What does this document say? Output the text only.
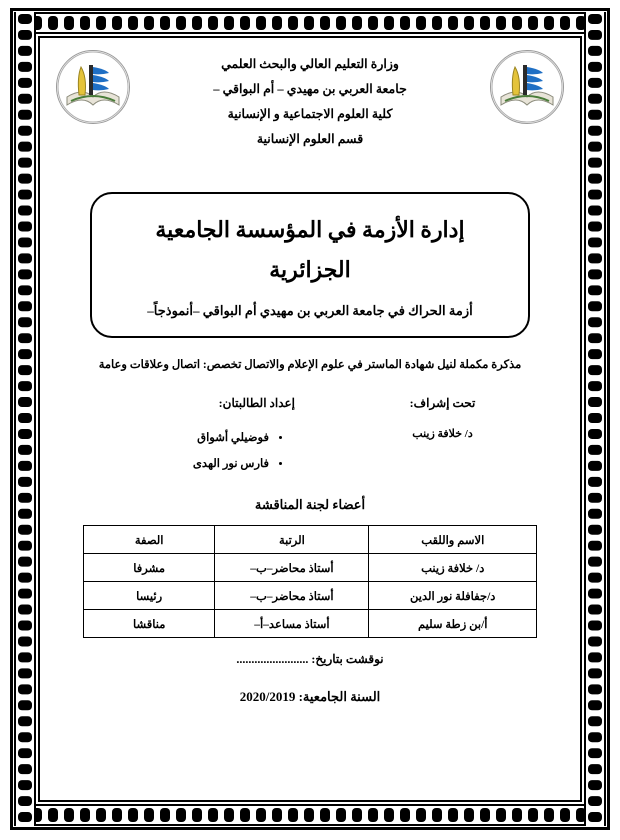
وزارة التعليم العالي والبحث العلمي
جامعة العربي بن مهيدي – أم البواقي –
كلية العلوم الاجتماعية و الإنسانية
قسم العلوم الإنسانية
إدارة الأزمة في المؤسسة الجامعية
الجزائرية
أزمة الحراك في جامعة العربي بن مهيدي أم البواقي –أنموذجاً–
مذكرة مكملة لنيل شهادة الماستر في علوم الإعلام والاتصال تخصص: اتصال وعلاقات وعامة
تحت إشراف:
د/ خلافة زينب
إعداد الطالبتان:
• فوضيلي أشواق
• فارس نور الهدى
أعضاء لجنة المناقشة
الاسم واللقب	الرتبة	الصفة
د/ خلافة زينب	أستاذ محاضر–ب–	مشرفا
د/جفافلة نور الدين	أستاذ محاضر–ب–	رئيسا
أ/بن زطة سليم	أستاذ مساعد–أ–	مناقشا
نوقشت بتاريخ: ........................
السنة الجامعية: 2020/2019
